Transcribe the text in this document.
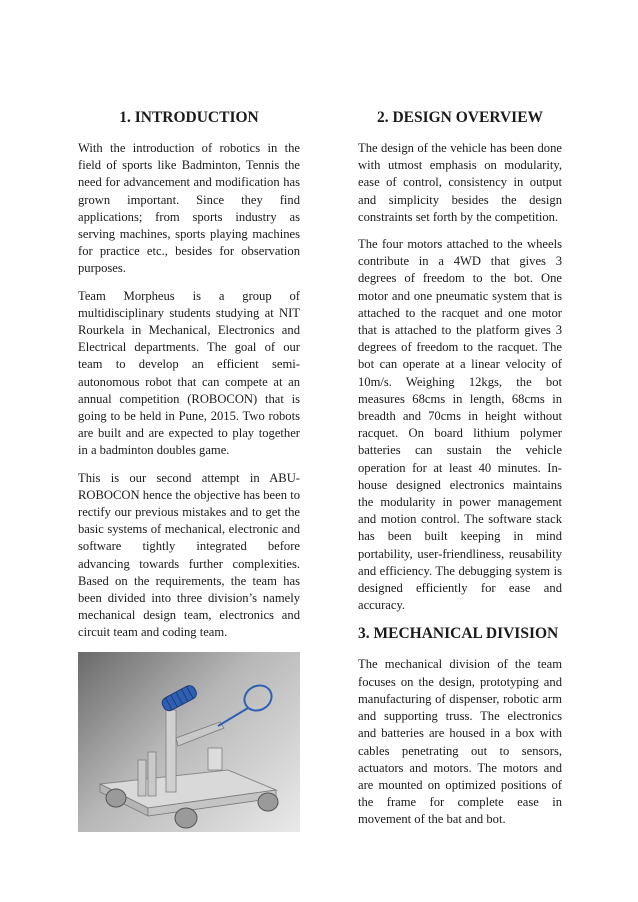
1. INTRODUCTION

With the introduction of robotics in the field of sports like Badminton, Tennis the need for advancement and modification has grown important. Since they find applications; from sports industry as serving machines, sports playing machines for practice etc., besides for observation purposes.

Team Morpheus is a group of multidisciplinary students studying at NIT Rourkela in Mechanical, Electronics and Electrical departments. The goal of our team to develop an efficient semi-autonomous robot that can compete at an annual competition (ROBOCON) that is going to be held in Pune, 2015. Two robots are built and are expected to play together in a badminton doubles game.

This is our second attempt in ABU-ROBOCON hence the objective has been to rectify our previous mistakes and to get the basic systems of mechanical, electronic and software tightly integrated before advancing towards further complexities. Based on the requirements, the team has been divided into three division’s namely mechanical design team, electronics and circuit team and coding team.

2. DESIGN OVERVIEW

The design of the vehicle has been done with utmost emphasis on modularity, ease of control, consistency in output and simplicity besides the design constraints set forth by the competition.

The four motors attached to the wheels contribute in a 4WD that gives 3 degrees of freedom to the bot. One motor and one pneumatic system that is attached to the racquet and one motor that is attached to the platform gives 3 degrees of freedom to the racquet. The bot can operate at a linear velocity of 10m/s. Weighing 12kgs, the bot measures 68cms in length, 68cms in breadth and 70cms in height without racquet. On board lithium polymer batteries can sustain the vehicle operation for at least 40 minutes. In-house designed electronics maintains the modularity in power management and motion control. The software stack has been built keeping in mind portability, user-friendliness, reusability and efficiency. The debugging system is designed efficiently for ease and accuracy.

3. MECHANICAL DIVISION

The mechanical division of the team focuses on the design, prototyping and manufacturing of dispenser, robotic arm and supporting truss. The electronics and batteries are housed in a box with cables penetrating out to sensors, actuators and motors. The motors and are mounted on optimized positions of the frame for complete ease in movement of the bat and bot.
